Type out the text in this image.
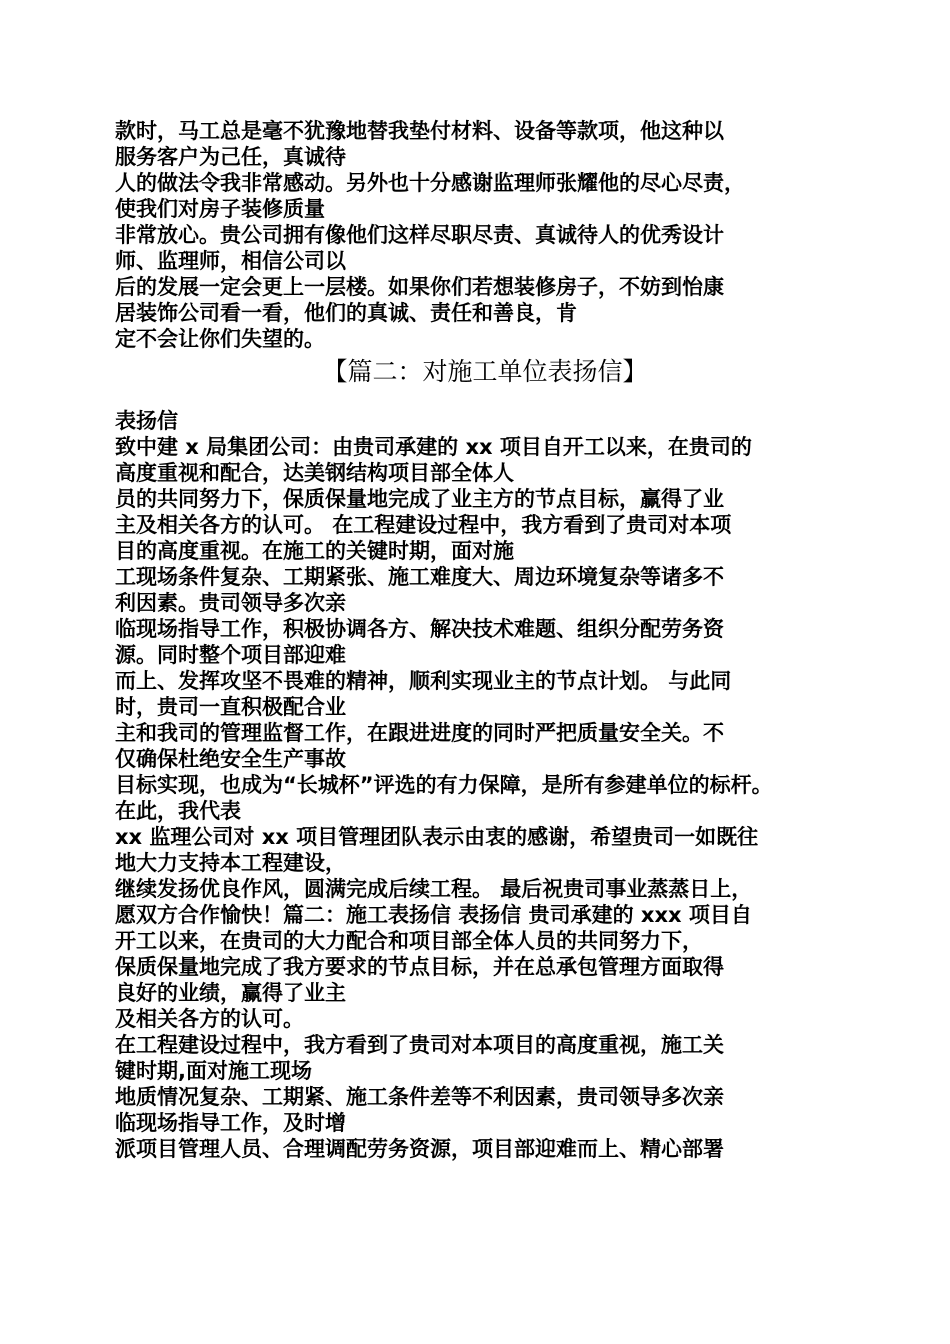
款时，马工总是毫不犹豫地替我垫付材料、设备等款项，他这种以
服务客户为己任，真诚待
人的做法令我非常感动。另外也十分感谢监理师张耀他的尽心尽责，
使我们对房子装修质量
非常放心。贵公司拥有像他们这样尽职尽责、真诚待人的优秀设计
师、监理师，相信公司以
后的发展一定会更上一层楼。如果你们若想装修房子，不妨到怡康
居装饰公司看一看，他们的真诚、责任和善良，肯
定不会让你们失望的。
【篇二：对施工单位表扬信】
表扬信
致中建 x 局集团公司：由贵司承建的 xx 项目自开工以来，在贵司的
高度重视和配合，达美钢结构项目部全体人
员的共同努力下，保质保量地完成了业主方的节点目标，赢得了业
主及相关各方的认可。 在工程建设过程中，我方看到了贵司对本项
目的高度重视。在施工的关键时期，面对施
工现场条件复杂、工期紧张、施工难度大、周边环境复杂等诸多不
利因素。贵司领导多次亲
临现场指导工作，积极协调各方、解决技术难题、组织分配劳务资
源。同时整个项目部迎难
而上、发挥攻坚不畏难的精神，顺利实现业主的节点计划。 与此同
时，贵司一直积极配合业
主和我司的管理监督工作，在跟进进度的同时严把质量安全关。不
仅确保杜绝安全生产事故
目标实现，也成为“长城杯”评选的有力保障，是所有参建单位的标杆。
在此，我代表
xx 监理公司对 xx 项目管理团队表示由衷的感谢，希望贵司一如既往
地大力支持本工程建设，
继续发扬优良作风，圆满完成后续工程。 最后祝贵司事业蒸蒸日上，
愿双方合作愉快！篇二：施工表扬信 表扬信 贵司承建的 xxx 项目自
开工以来，在贵司的大力配合和项目部全体人员的共同努力下，
保质保量地完成了我方要求的节点目标，并在总承包管理方面取得
良好的业绩，赢得了业主
及相关各方的认可。
在工程建设过程中，我方看到了贵司对本项目的高度重视，施工关
键时期,面对施工现场
地质情况复杂、工期紧、施工条件差等不利因素，贵司领导多次亲
临现场指导工作，及时增
派项目管理人员、合理调配劳务资源，项目部迎难而上、精心部署
